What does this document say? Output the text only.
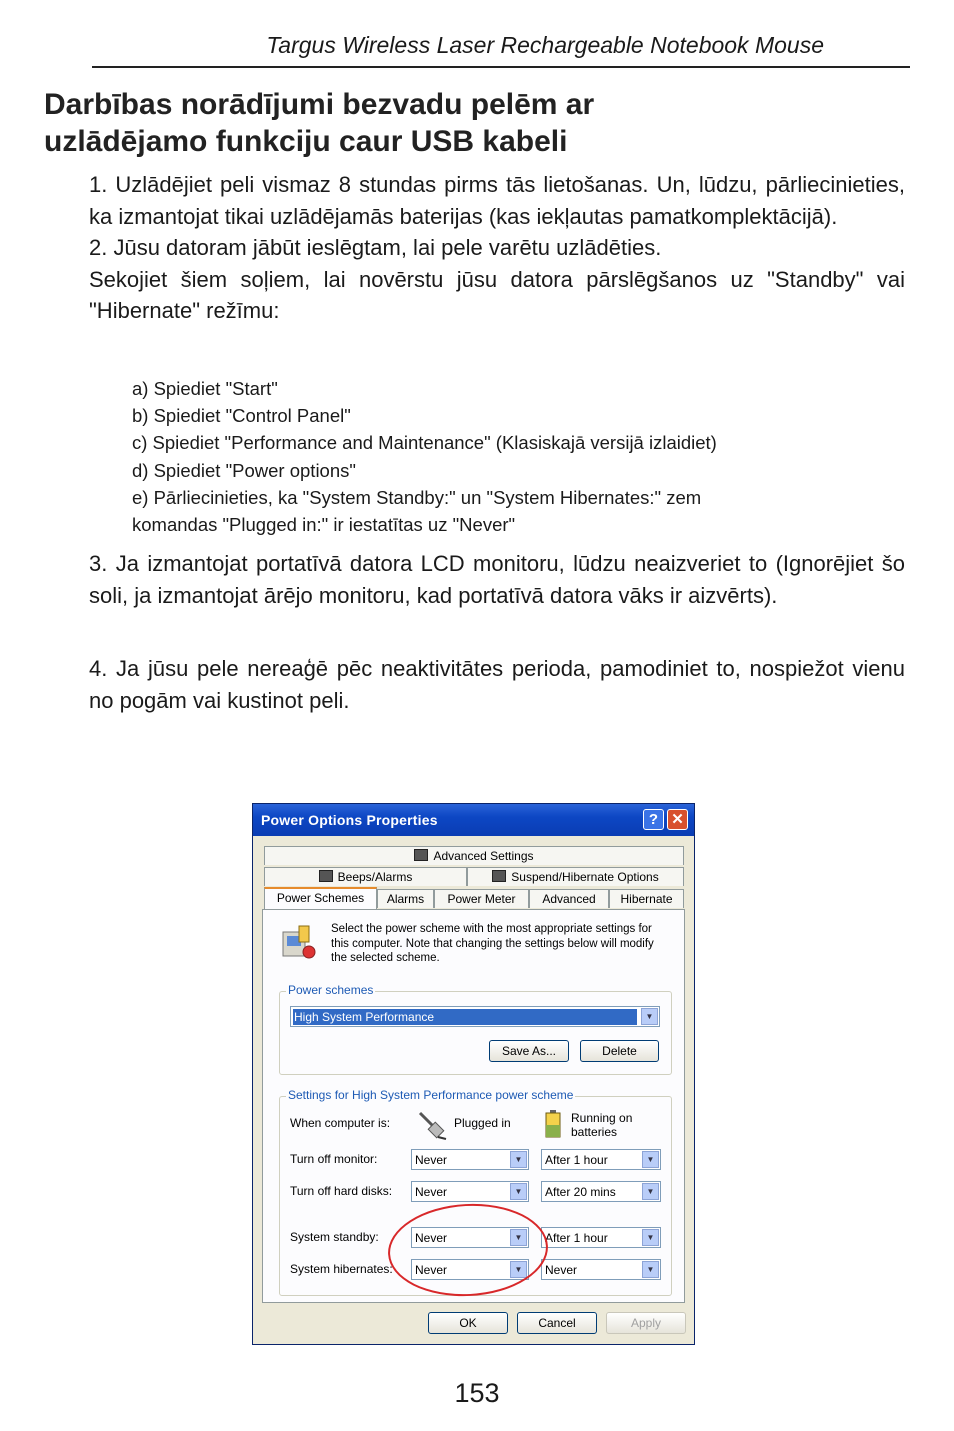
Targus Wireless Laser Rechargeable Notebook Mouse
Darbības norādījumi bezvadu pelēm ar
uzlādējamo funkciju caur USB kabeli

1. Uzlādējiet peli vismaz 8 stundas pirms tās lietošanas. Un, lūdzu, pārliecinieties, ka izmantojat tikai uzlādējamās baterijas (kas iekļautas pamatkomplektācijā).

2. Jūsu datoram jābūt ieslēgtam, lai pele varētu uzlādēties.

Sekojiet šiem soļiem, lai novērstu jūsu datora pārslēgšanos uz "Standby" vai "Hibernate" režīmu:

a) Spiediet "Start"
b) Spiediet "Control Panel"
c) Spiediet "Performance and Maintenance" (Klasiskajā versijā izlaidiet)
d) Spiediet "Power options"
e) Pārliecinieties, ka "System Standby:" un "System Hibernates:" zem
komandas "Plugged in:" ir iestatītas uz "Never"

3. Ja izmantojat portatīvā datora LCD monitoru, lūdzu neaizveriet to (Ignorējiet šo soli, ja izmantojat ārējo monitoru, kad portatīvā datora vāks ir aizvērts).

4. Ja jūsu pele nereaģē pēc neaktivitātes perioda, pamodiniet to, nospiežot vienu no pogām vai kustinot peli.

Power Options Properties	? ✕
Advanced Settings
Beeps/Alarms	Suspend/Hibernate Options
Power Schemes	Alarms	Power Meter	Advanced	Hibernate
Select the power scheme with the most appropriate settings for this computer. Note that changing the settings below will modify the selected scheme.
Power schemes
High System Performance	▼
Save As...	Delete
Settings for High System Performance power scheme
When computer is:	Plugged in	Running on
batteries
Turn off monitor:	Never	▼	After 1 hour	▼
Turn off hard disks: Never	▼	After 20 mins	▼
System standby:	Never	▼	After 1 hour	▼
System hibernates: Never	▼	Never	▼
OK	Cancel	Apply
153
